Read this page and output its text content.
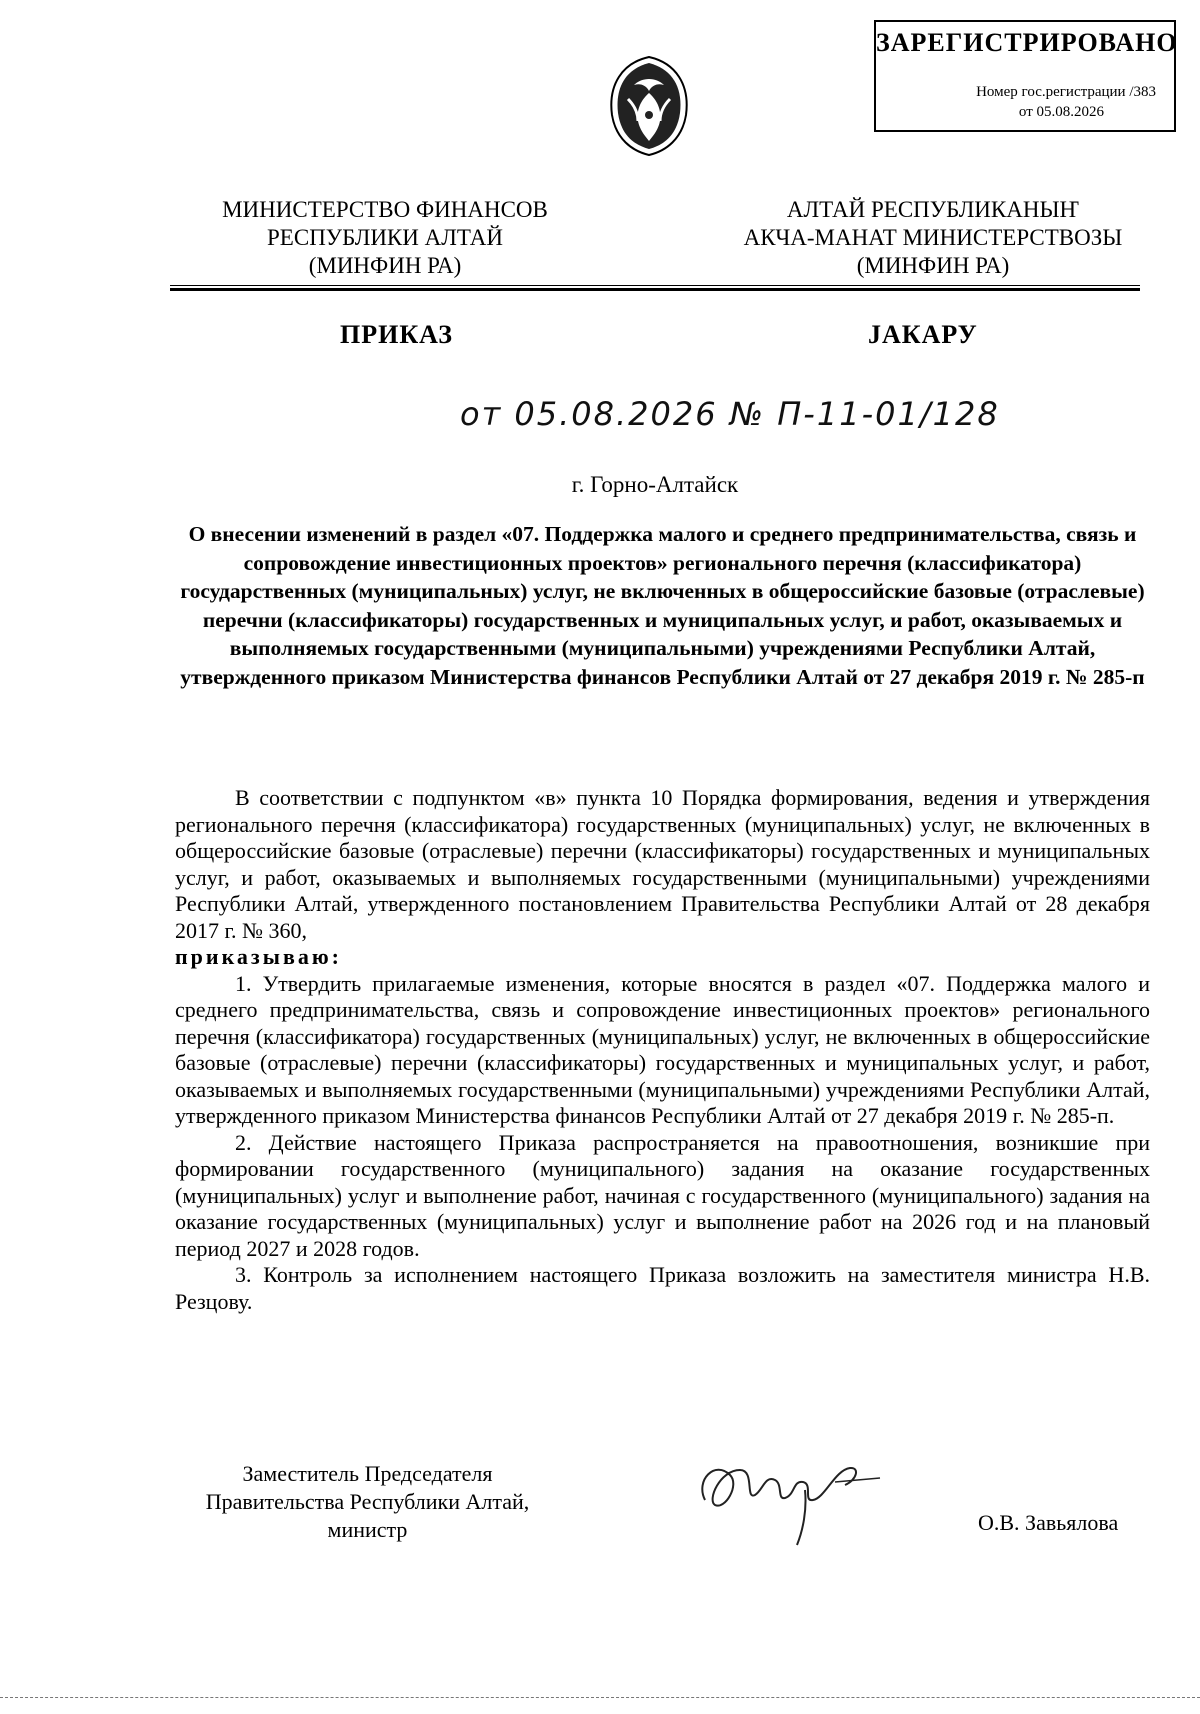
ЗАРЕГИСТРИРОВАНО
Номер гос.регистрации /383
от 05.08.2026
МИНИСТЕРСТВО ФИНАНСОВ
РЕСПУБЛИКИ АЛТАЙ
(МИНФИН РА)
АЛТАЙ РЕСПУБЛИКАНЫҤ
АКЧА-МАНАТ МИНИСТЕРСТВОЗЫ
(МИНФИН РА)
ПРИКАЗ	JАКАРУ
от 05.08.2026 № П-11-01/128
г. Горно-Алтайск
О внесении изменений в раздел «07. Поддержка малого и среднего предпринимательства, связь и сопровождение инвестиционных проектов» регионального перечня (классификатора) государственных (муниципальных) услуг, не включенных в общероссийские базовые (отраслевые) перечни (классификаторы) государственных и муниципальных услуг, и работ, оказываемых и выполняемых государственными (муниципальными) учреждениями Республики Алтай, утвержденного приказом Министерства финансов Республики Алтай от 27 декабря 2019 г. № 285-п

В соответствии с подпунктом «в» пункта 10 Порядка формирования, ведения и утверждения регионального перечня (классификатора) государственных (муниципальных) услуг, не включенных в общероссийские базовые (отраслевые) перечни (классификаторы) государственных и муниципальных услуг, и работ, оказываемых и выполняемых государственными (муниципальными) учреждениями Республики Алтай, утвержденного постановлением Правительства Республики Алтай от 28 декабря 2017 г. № 360,

приказываю:

1. Утвердить прилагаемые изменения, которые вносятся в раздел «07. Поддержка малого и среднего предпринимательства, связь и сопровождение инвестиционных проектов» регионального перечня (классификатора) государственных (муниципальных) услуг, не включенных в общероссийские базовые (отраслевые) перечни (классификаторы) государственных и муниципальных услуг, и работ, оказываемых и выполняемых государственными (муниципальными) учреждениями Республики Алтай, утвержденного приказом Министерства финансов Республики Алтай от 27 декабря 2019 г. № 285-п.

2. Действие настоящего Приказа распространяется на правоотношения, возникшие при формировании государственного (муниципального) задания на оказание государственных (муниципальных) услуг и выполнение работ, начиная с государственного (муниципального) задания на оказание государственных (муниципальных) услуг и выполнение работ на 2026 год и на плановый период 2027 и 2028 годов.

3. Контроль за исполнением настоящего Приказа возложить на заместителя министра Н.В. Резцову.

Заместитель Председателя
Правительства Республики Алтай,
министр	О.В. Завьялова
